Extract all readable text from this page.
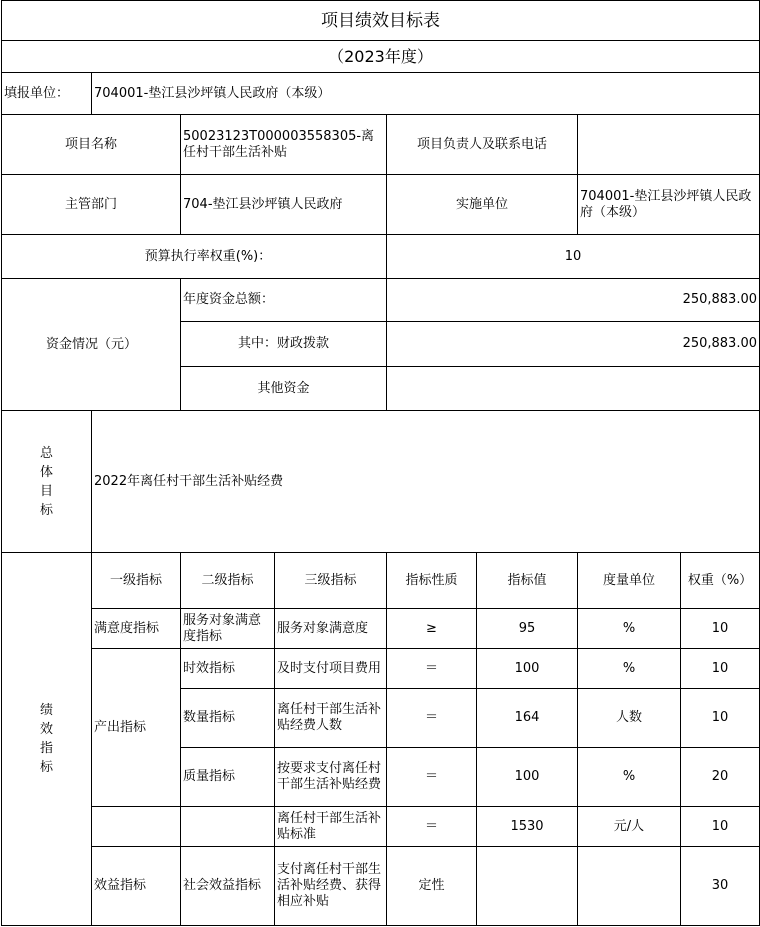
项目绩效目标表							
（2023年度）							
填报单位：	704001-垫江县沙坪镇人民政府（本级）						
项目名称		50023123T000003558305-离任村干部生活补贴		项目负责人及联系电话			
主管部门		704-垫江县沙坪镇人民政府		实施单位		704001-垫江县沙坪镇人民政府（本级）	
预算执行率权重(%)：				10			

资金情况（元）		年度资金总额：		250,883.00			
		其中：财政拨款		250,883.00			
		其他资金					

总体目标	2022年离任村干部生活补贴经费						

绩效指标	一级指标	二级指标	三级指标	指标性质	指标值	度量单位	权重（%）
	满意度指标	服务对象满意度指标	服务对象满意度	≥	95	%	10
	产出指标	时效指标	及时支付项目费用	＝	100	%	10
		数量指标	离任村干部生活补贴经费人数	＝	164	人数	10
		质量指标	按要求支付离任村干部生活补贴经费	＝	100	%	20
			离任村干部生活补贴标准	＝	1530	元/人	10
	效益指标	社会效益指标	支付离任村干部生活补贴经费、获得相应补贴	定性			30
